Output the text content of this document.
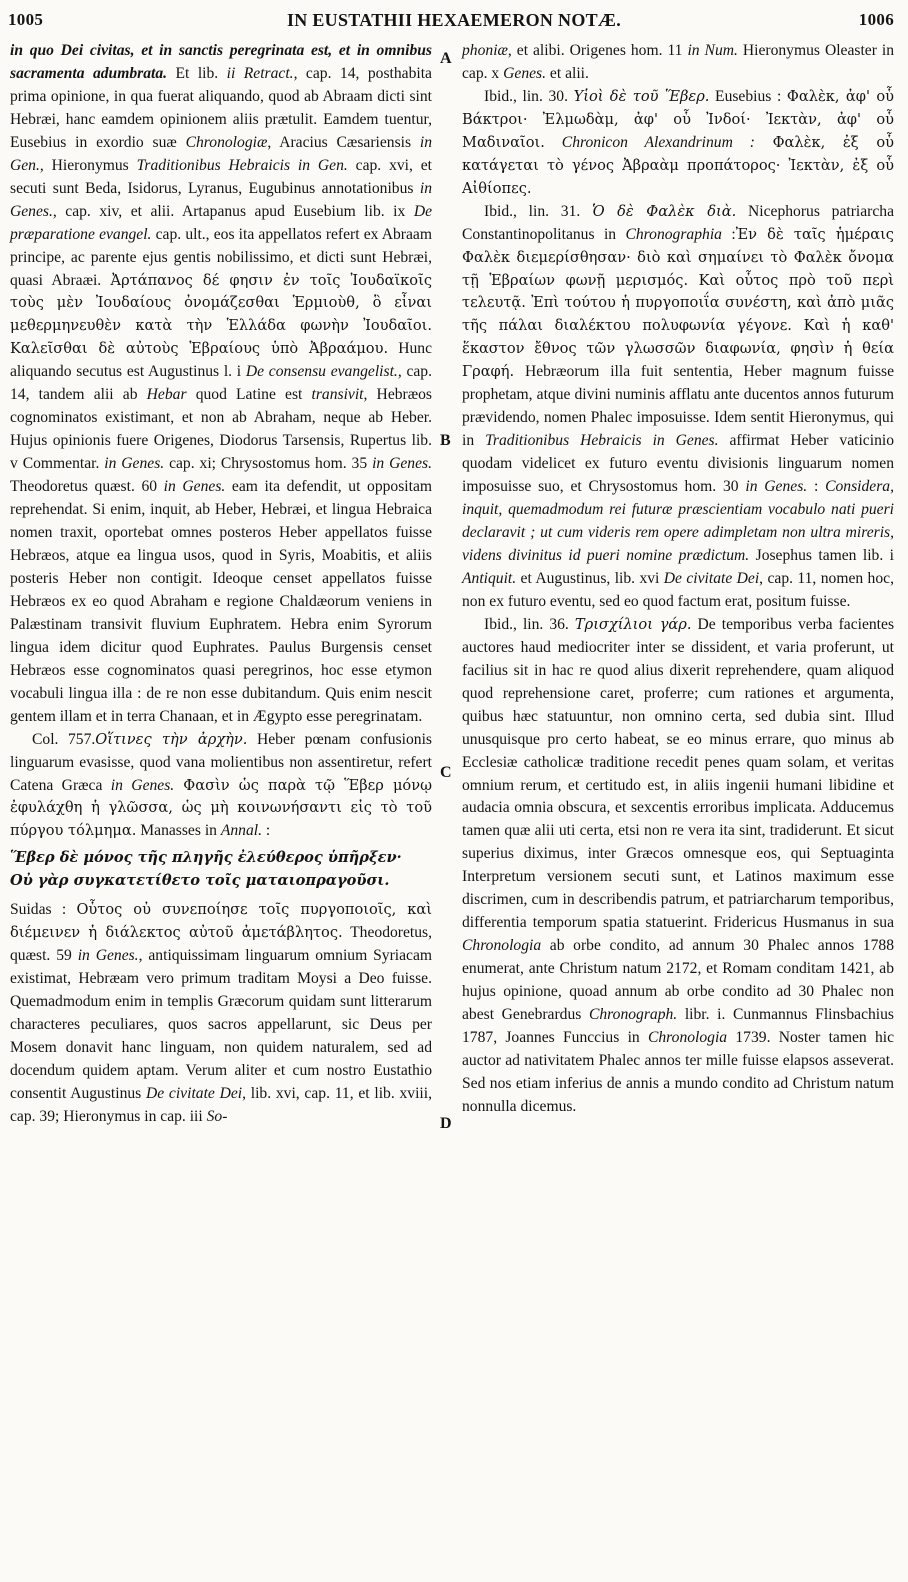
1005	IN EUSTATHII HEXAEMERON NOTÆ.	1006
A
B
C
D

in quo Dei civitas, et in sanctis peregrinata est, et in omnibus sacramenta adumbrata. Et lib. ii Retract., cap. 14, posthabita prima opinione, in qua fuerat aliquando, quod ab Abraam dicti sint Hebræi, hanc eamdem opinionem aliis prætulit. Eamdem tuentur, Eusebius in exordio suæ Chronologiæ, Aracius Cæsariensis in Gen., Hieronymus Traditionibus Hebraicis in Gen. cap. xvi, et secuti sunt Beda, Isidorus, Lyranus, Eugubinus annotationibus in Genes., cap. xiv, et alii. Artapanus apud Eusebium lib. ix De præparatione evangel. cap. ult., eos ita appellatos refert ex Abraam principe, ac parente ejus gentis nobilissimo, et dicti sunt Hebræi, quasi Abraæi. Ἀρτάπανος δέ φησιν ἐν τοῖς Ἰουδαϊκοῖς τοὺς μὲν Ἰουδαίους ὀνομάζεσθαι Ἑρμιοὺθ, ὃ εἶναι μεθερμηνευθὲν κατὰ τὴν Ἑλλάδα φωνὴν Ἰουδαῖοι. Καλεῖσθαι δὲ αὐτοὺς Ἑβραίους ὑπὸ Ἀβραάμου. Hunc aliquando secutus est Augustinus l. i De consensu evangelist., cap. 14, tandem alii ab Hebar quod Latine est transivit, Hebræos cognominatos existimant, et non ab Abraham, neque ab Heber. Hujus opinionis fuere Origenes, Diodorus Tarsensis, Rupertus lib. v Commentar. in Genes. cap. xi; Chrysostomus hom. 35 in Genes. Theodoretus quæst. 60 in Genes. eam ita defendit, ut oppositam reprehendat. Si enim, inquit, ab Heber, Hebræi, et lingua Hebraica nomen traxit, oportebat omnes posteros Heber appellatos fuisse Hebræos, atque ea lingua usos, quod in Syris, Moabitis, et aliis posteris Heber non contigit. Ideoque censet appellatos fuisse Hebræos ex eo quod Abraham e regione Chaldæorum veniens in Palæstinam transivit fluvium Euphratem. Hebra enim Syrorum lingua idem dicitur quod Euphrates. Paulus Burgensis censet Hebræos esse cognominatos quasi peregrinos, hoc esse etymon vocabuli lingua illa : de re non esse dubitandum. Quis enim nescit gentem illam et in terra Chanaan, et in Ægypto esse peregrinatam.

Col. 757.Οἵτινες τὴν ἀρχὴν. Heber pœnam confusionis linguarum evasisse, quod vana molientibus non assentiretur, refert Catena Græca in Genes. Φασὶν ὡς παρὰ τῷ Ἕβερ μόνῳ ἐφυλάχθη ἡ γλῶσσα, ὡς μὴ κοινωνήσαντι εἰς τὸ τοῦ πύργου τόλμημα. Manasses in Annal. :

Ἕβερ δὲ μόνος τῆς πληγῆς ἐλεύθερος ὑπῆρξεν·
Οὐ γὰρ συγκατετίθετο τοῖς ματαιοπραγοῦσι.

Suidas : Οὗτος οὐ συνεποίησε τοῖς πυργοποιοῖς, καὶ διέμεινεν ἡ διάλεκτος αὐτοῦ ἀμετάβλητος. Theodoretus, quæst. 59 in Genes., antiquissimam linguarum omnium Syriacam existimat, Hebræam vero primum traditam Moysi a Deo fuisse. Quemadmodum enim in templis Græcorum quidam sunt litterarum characteres peculiares, quos sacros appellarunt, sic Deus per Mosem donavit hanc linguam, non quidem naturalem, sed ad docendum quidem aptam. Verum aliter et cum nostro Eustathio consentit Augustinus De civitate Dei, lib. xvi, cap. 11, et lib. xviii, cap. 39; Hieronymus in cap. iii So-

phoniæ, et alibi. Origenes hom. 11 in Num. Hieronymus Oleaster in cap. x Genes. et alii.

Ibid., lin. 30. Υἱοὶ δὲ τοῦ Ἕβερ. Eusebius : Φαλὲκ, ἀφ' οὗ Βάκτροι· Ἐλμωδὰμ, ἀφ' οὗ Ἰνδοί· Ἰεκτὰν, ἀφ' οὗ Μαδιναῖοι. Chronicon Alexandrinum : Φαλὲκ, ἐξ οὗ κατάγεται τὸ γένος Ἀβραὰμ προπάτορος· Ἰεκτὰν, ἐξ οὗ Αἰθίοπες.

Ibid., lin. 31. Ὁ δὲ Φαλὲκ διὰ. Nicephorus patriarcha Constantinopolitanus in Chronographia :Ἐν δὲ ταῖς ἡμέραις Φαλὲκ διεμερίσθησαν· διὸ καὶ σημαίνει τὸ Φαλὲκ ὄνομα τῇ Ἑβραίων φωνῇ μερισμός. Καὶ οὗτος πρὸ τοῦ περὶ τελευτᾷ. Ἐπὶ τούτου ἡ πυργοποιΐα συνέστη, καὶ ἀπὸ μιᾶς τῆς πάλαι διαλέκτου πολυφωνία γέγονε. Καὶ ἡ καθ' ἕκαστον ἔθνος τῶν γλωσσῶν διαφωνία, φησὶν ἡ θεία Γραφή. Hebræorum illa fuit sententia, Heber magnum fuisse prophetam, atque divini numinis afflatu ante ducentos annos futurum prævidendo, nomen Phalec imposuisse. Idem sentit Hieronymus, qui in Traditionibus Hebraicis in Genes. affirmat Heber vaticinio quodam videlicet ex futuro eventu divisionis linguarum nomen imposuisse suo, et Chrysostomus hom. 30 in Genes. : Considera, inquit, quemadmodum rei futuræ præscientiam vocabulo nati pueri declaravit ; ut cum videris rem opere adimpletam non ultra mireris, videns divinitus id pueri nomine prædictum. Josephus tamen lib. i Antiquit. et Augustinus, lib. xvi De civitate Dei, cap. 11, nomen hoc, non ex futuro eventu, sed eo quod factum erat, positum fuisse.

Ibid., lin. 36. Τρισχίλιοι γάρ. De temporibus verba facientes auctores haud mediocriter inter se dissident, et varia proferunt, ut facilius sit in hac re quod alius dixerit reprehendere, quam aliquod quod reprehensione caret, proferre; cum rationes et argumenta, quibus hæc statuuntur, non omnino certa, sed dubia sint. Illud unusquisque pro certo habeat, se eo minus errare, quo minus ab Ecclesiæ catholicæ traditione recedit penes quam solam, et veritas omnium rerum, et certitudo est, in aliis ingenii humani libidine et audacia omnia obscura, et sexcentis erroribus implicata. Adducemus tamen quæ alii uti certa, etsi non re vera ita sint, tradiderunt. Et sicut superius diximus, inter Græcos omnesque eos, qui Septuaginta Interpretum versionem secuti sunt, et Latinos maximum esse discrimen, cum in describendis patrum, et patriarcharum temporibus, differentia temporum spatia statuerint. Fridericus Husmanus in sua Chronologia ab orbe condito, ad annum 30 Phalec annos 1788 enumerat, ante Christum natum 2172, et Romam conditam 1421, ab hujus opinione, quoad annum ab orbe condito ad 30 Phalec non abest Genebrardus Chronograph. libr. i. Cunmannus Flinsbachius 1787, Joannes Funccius in Chronologia 1739. Noster tamen hic auctor ad nativitatem Phalec annos ter mille fuisse elapsos asseverat. Sed nos etiam inferius de annis a mundo condito ad Christum natum nonnulla dicemus.
